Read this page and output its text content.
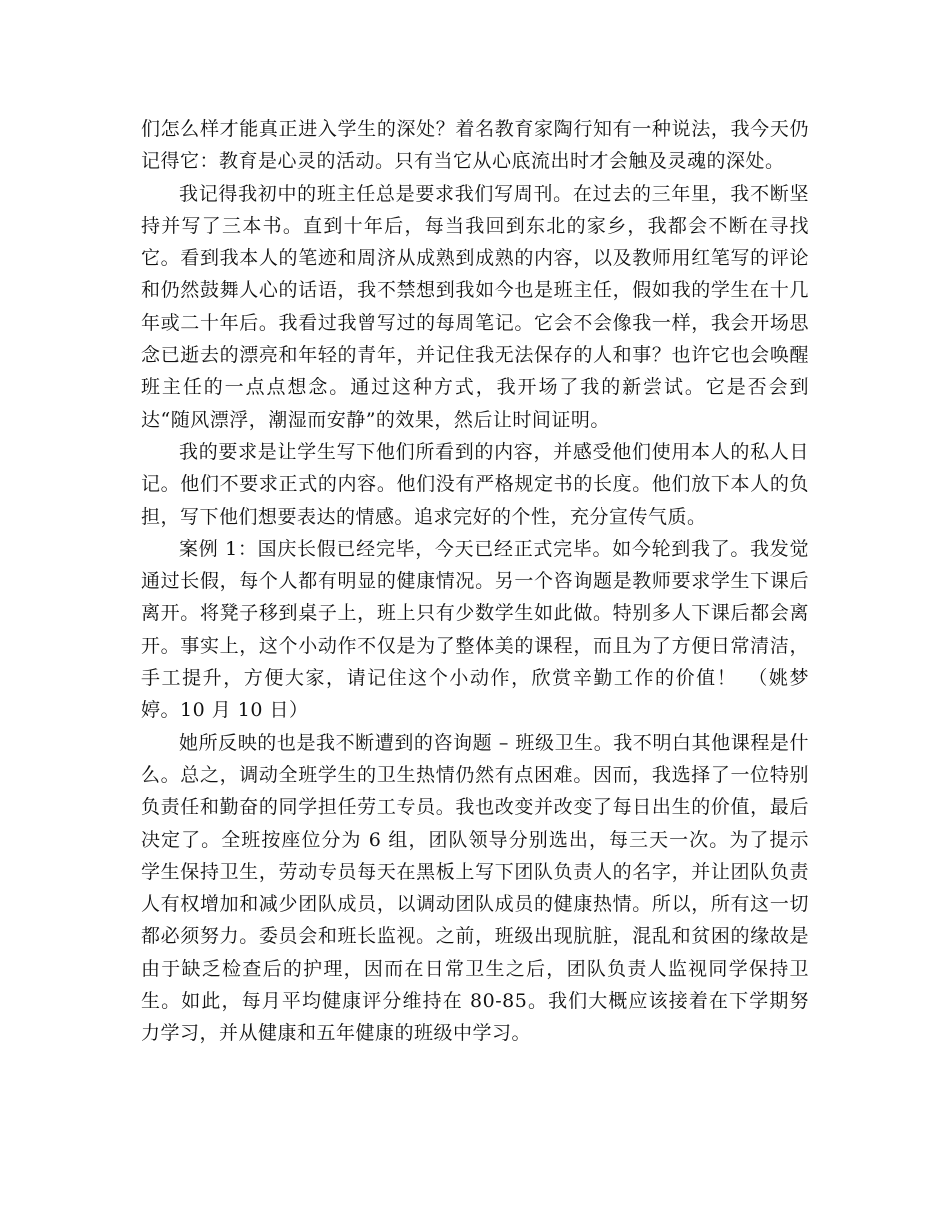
们怎么样才能真正进入学生的深处？着名教育家陶行知有一种说法，我今天仍记得它：教育是心灵的活动。只有当它从心底流出时才会触及灵魂的深处。

我记得我初中的班主任总是要求我们写周刊。在过去的三年里，我不断坚持并写了三本书。直到十年后，每当我回到东北的家乡，我都会不断在寻找它。看到我本人的笔迹和周济从成熟到成熟的内容，以及教师用红笔写的评论和仍然鼓舞人心的话语，我不禁想到我如今也是班主任，假如我的学生在十几年或二十年后。我看过我曾写过的每周笔记。它会不会像我一样，我会开场思念已逝去的漂亮和年轻的青年，并记住我无法保存的人和事？也许它也会唤醒班主任的一点点想念。通过这种方式，我开场了我的新尝试。它是否会到达“随风漂浮，潮湿而安静”的效果，然后让时间证明。

我的要求是让学生写下他们所看到的内容，并感受他们使用本人的私人日记。他们不要求正式的内容。他们没有严格规定书的长度。他们放下本人的负担，写下他们想要表达的情感。追求完好的个性，充分宣传气质。

案例 1：国庆长假已经完毕，今天已经正式完毕。如今轮到我了。我发觉通过长假，每个人都有明显的健康情况。另一个咨询题是教师要求学生下课后离开。将凳子移到桌子上，班上只有少数学生如此做。特别多人下课后都会离开。事实上，这个小动作不仅是为了整体美的课程，而且为了方便日常清洁，手工提升，方便大家，请记住这个小动作，欣赏辛勤工作的价值！　（姚梦婷。10 月 10 日）

她所反映的也是我不断遭到的咨询题 – 班级卫生。我不明白其他课程是什么。总之，调动全班学生的卫生热情仍然有点困难。因而，我选择了一位特别负责任和勤奋的同学担任劳工专员。我也改变并改变了每日出生的价值，最后决定了。全班按座位分为 6 组，团队领导分别选出，每三天一次。为了提示学生保持卫生，劳动专员每天在黑板上写下团队负责人的名字，并让团队负责人有权增加和减少团队成员，以调动团队成员的健康热情。所以，所有这一切都必须努力。委员会和班长监视。之前，班级出现肮脏，混乱和贫困的缘故是由于缺乏检查后的护理，因而在日常卫生之后，团队负责人监视同学保持卫生。如此，每月平均健康评分维持在 80-85。我们大概应该接着在下学期努力学习，并从健康和五年健康的班级中学习。
